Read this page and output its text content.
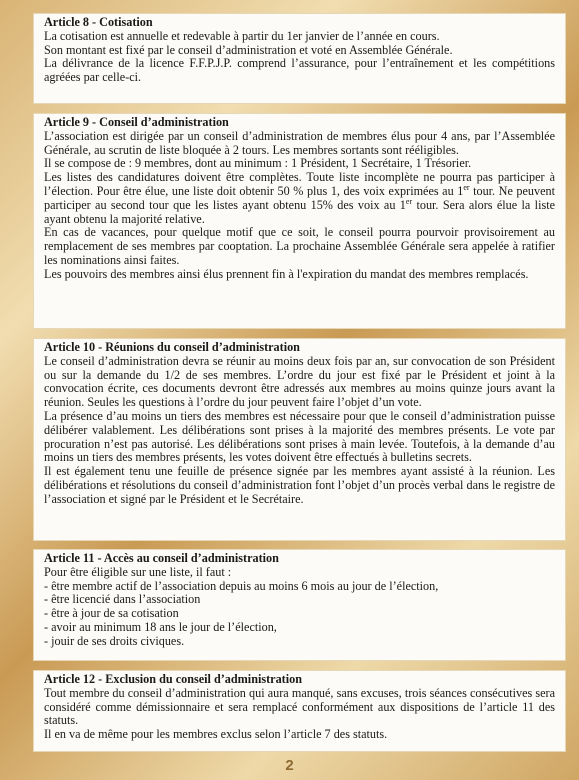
Article 8 - Cotisation

La cotisation est annuelle et redevable à partir du 1er janvier de l’année en cours.

Son montant est fixé par le conseil d’administration et voté en Assemblée Générale.

La délivrance de la licence F.F.P.J.P. comprend l’assurance, pour l’entraînement et les compétitions agréées par celle-ci.

Article 9 - Conseil d’administration

L’association est dirigée par un conseil d’administration de membres élus pour 4 ans, par l’Assemblée Générale, au scrutin de liste bloquée à 2 tours. Les membres sortants sont rééligibles.

Il se compose de : 9 membres, dont au minimum : 1 Président, 1 Secrétaire, 1 Trésorier.

Les listes des candidatures doivent être complètes. Toute liste incomplète ne pourra pas participer à l’élection. Pour être élue, une liste doit obtenir 50 % plus 1, des voix exprimées au 1er tour. Ne peuvent participer au second tour que les listes ayant obtenu 15% des voix au 1er tour. Sera alors élue la liste ayant obtenu la majorité relative.

En cas de vacances, pour quelque motif que ce soit, le conseil pourra pourvoir provisoirement au remplacement de ses membres par cooptation. La prochaine Assemblée Générale sera appelée à ratifier les nominations ainsi faites.

Les pouvoirs des membres ainsi élus prennent fin à l'expiration du mandat des membres remplacés.

Article 10 - Réunions du conseil d’administration

Le conseil d’administration devra se réunir au moins deux fois par an, sur convocation de son Président ou sur la demande du 1/2 de ses membres. L’ordre du jour est fixé par le Président et joint à la convocation écrite, ces documents devront être adressés aux membres au moins quinze jours avant la réunion. Seules les questions à l’ordre du jour peuvent faire l’objet d’un vote.

La présence d’au moins un tiers des membres est nécessaire pour que le conseil d’administration puisse délibérer valablement. Les délibérations sont prises à la majorité des membres présents. Le vote par procuration n’est pas autorisé. Les délibérations sont prises à main levée. Toutefois, à la demande d’au moins un tiers des membres présents, les votes doivent être effectués à bulletins secrets.

Il est également tenu une feuille de présence signée par les membres ayant assisté à la réunion. Les délibérations et résolutions du conseil d’administration font l’objet d’un procès verbal dans le registre de l’association et signé par le Président et le Secrétaire.

Article 11 - Accès au conseil d’administration

Pour être éligible sur une liste, il faut :

- être membre actif de l’association depuis au moins 6 mois au jour de l’élection,

- être licencié dans l’association

- être à jour de sa cotisation

- avoir au minimum 18 ans le jour de l’élection,

- jouir de ses droits civiques.

Article 12 - Exclusion du conseil d’administration

Tout membre du conseil d’administration qui aura manqué, sans excuses, trois séances consécutives sera considéré comme démissionnaire et sera remplacé conformément aux dispositions de l’article 11 des statuts.

Il en va de même pour les membres exclus selon l’article 7 des statuts.

2
